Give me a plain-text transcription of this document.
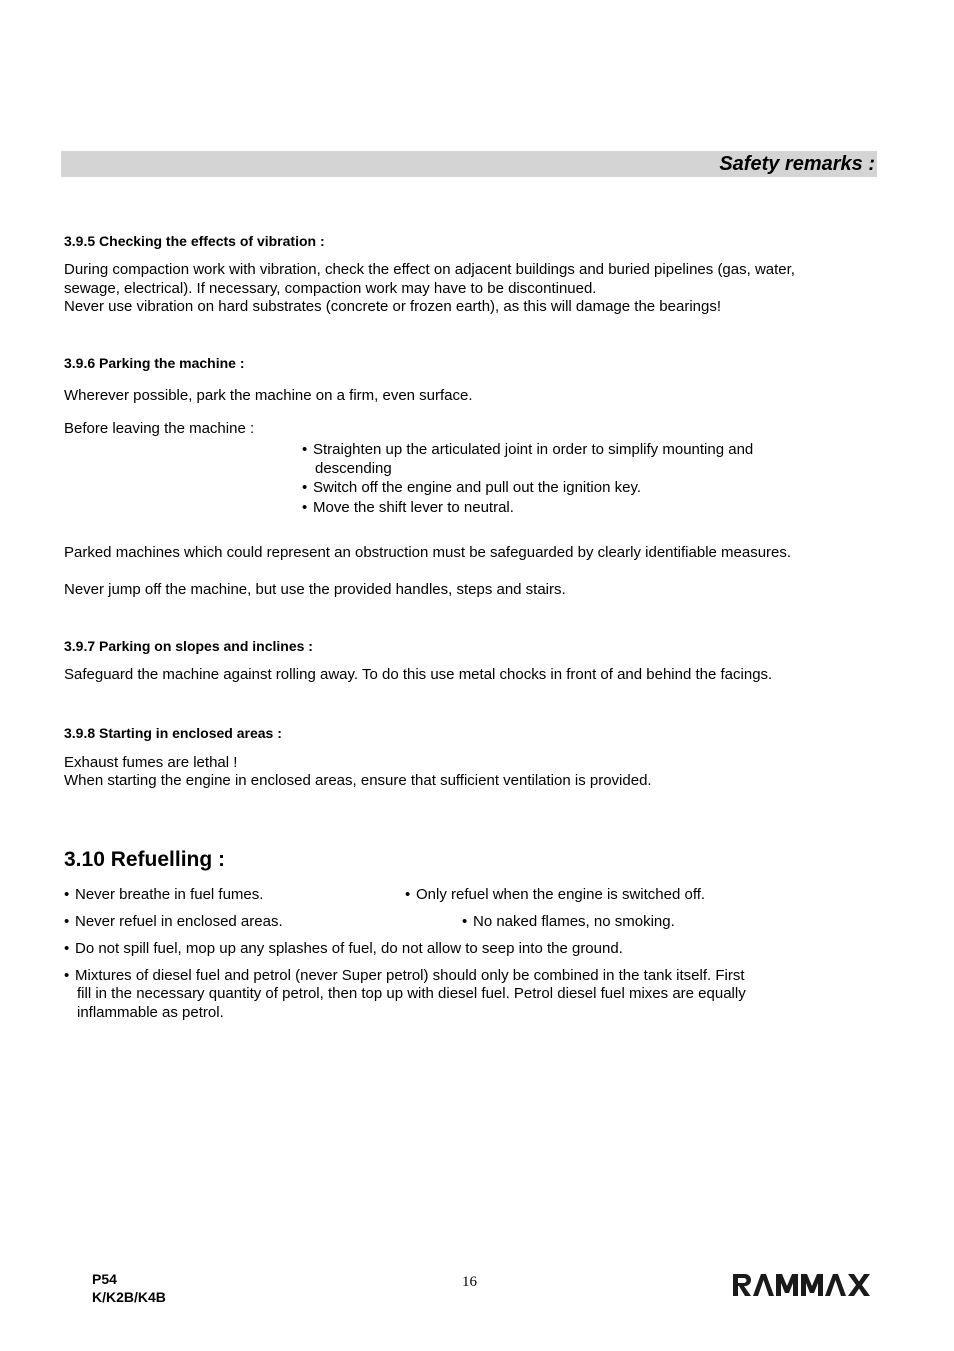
Safety remarks :
3.9.5 Checking the effects of vibration :
During compaction work with vibration, check the effect on adjacent buildings and buried pipelines (gas, water,
sewage, electrical). If necessary, compaction work may have to be discontinued.
Never use vibration on hard substrates (concrete or frozen earth), as this will damage the bearings!
3.9.6 Parking the machine :
Wherever possible, park the machine on a firm, even surface.
Before leaving the machine :
• Straighten up the articulated joint in order to simplify mounting and
descending
• Switch off the engine and pull out the ignition key.
• Move the shift lever to neutral.
Parked machines which could represent an obstruction must be safeguarded by clearly identifiable measures.
Never jump off the machine, but use the provided handles, steps and stairs.
3.9.7 Parking on slopes and inclines :
Safeguard the machine against rolling away. To do this use metal chocks in front of and behind the facings.
3.9.8 Starting in enclosed areas :
Exhaust fumes are lethal !
When starting the engine in enclosed areas, ensure that sufficient ventilation is provided.
3.10 Refuelling :
• Never breathe in fuel fumes.	• Only refuel when the engine is switched off.
• Never refuel in enclosed areas.	• No naked flames, no smoking.
• Do not spill fuel, mop up any splashes of fuel, do not allow to seep into the ground.
• Mixtures of diesel fuel and petrol (never Super petrol) should only be combined in the tank itself. First
fill in the necessary quantity of petrol, then top up with diesel fuel. Petrol diesel fuel mixes are equally
inflammable as petrol.
P54
K/K2B/K4B
16
